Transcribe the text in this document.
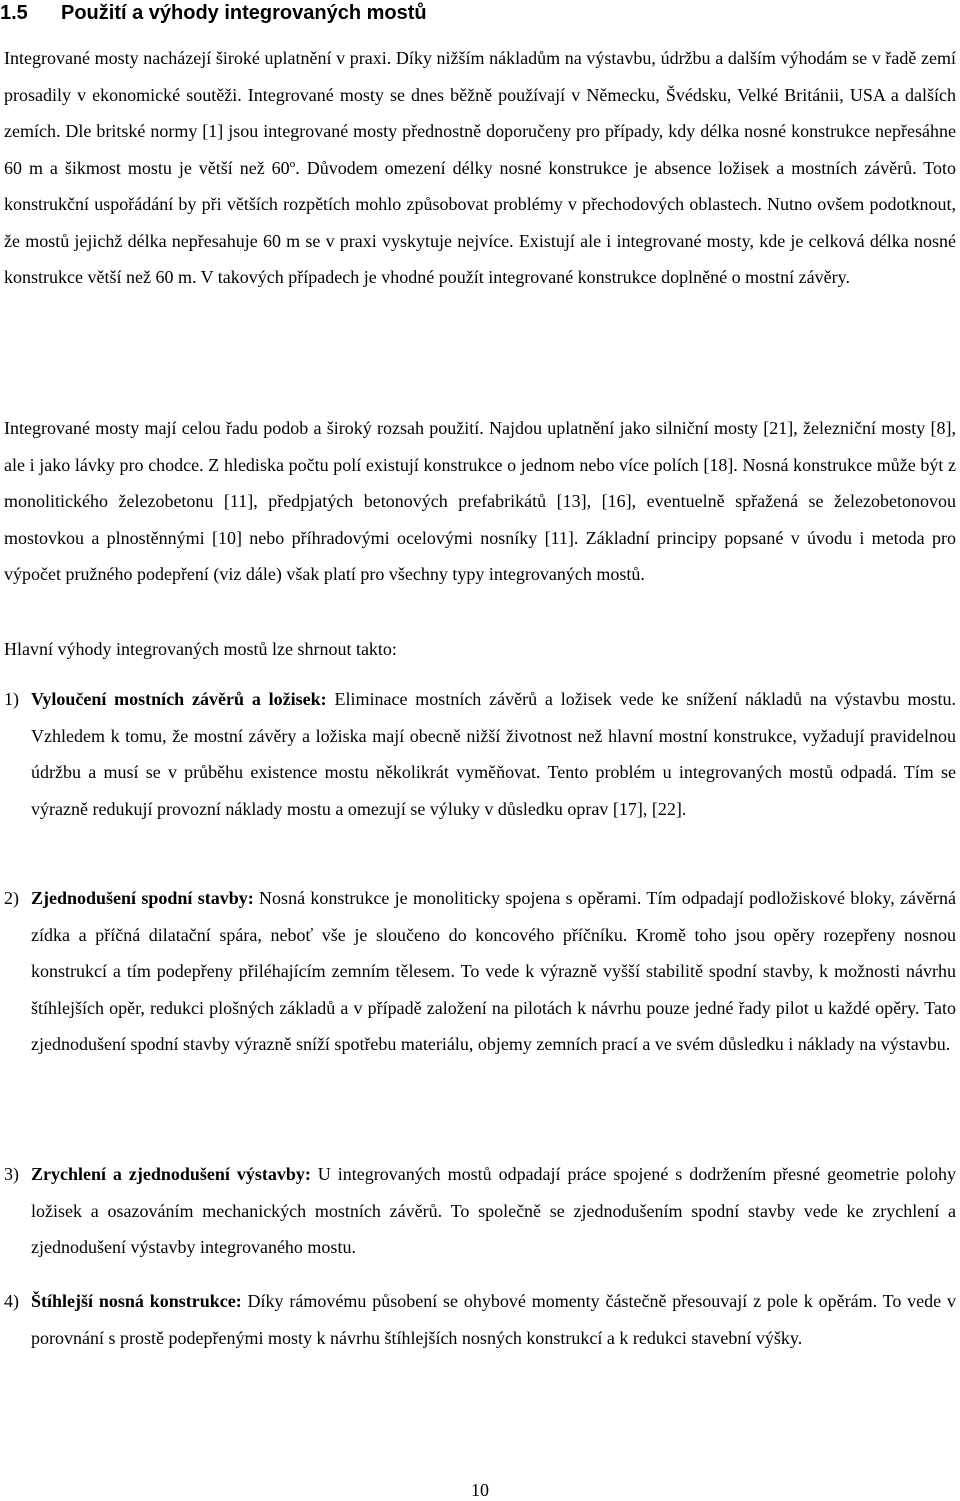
1.5 Použití a výhody integrovaných mostů

Integrované mosty nacházejí široké uplatnění v praxi. Díky nižším nákladům na výstavbu, údržbu a dalším výhodám se v řadě zemí prosadily v ekonomické soutěži. Integrované mosty se dnes běžně používají v Německu, Švédsku, Velké Británii, USA a dalších zemích. Dle britské normy [1] jsou integrované mosty přednostně doporučeny pro případy, kdy délka nosné konstrukce nepřesáhne 60 m a šikmost mostu je větší než 60º. Důvodem omezení délky nosné konstrukce je absence ložisek a mostních závěrů. Toto konstrukční uspořádání by při větších rozpětích mohlo způsobovat problémy v přechodových oblastech. Nutno ovšem podotknout, že mostů jejichž délka nepřesahuje 60 m se v praxi vyskytuje nejvíce. Existují ale i integrované mosty, kde je celková délka nosné konstrukce větší než 60 m. V takových případech je vhodné použít integrované konstrukce doplněné o mostní závěry.

Integrované mosty mají celou řadu podob a široký rozsah použití. Najdou uplatnění jako silniční mosty [21], železniční mosty [8], ale i jako lávky pro chodce. Z hlediska počtu polí existují konstrukce o jednom nebo více polích [18]. Nosná konstrukce může být z monolitického železobetonu [11], předpjatých betonových prefabrikátů [13], [16], eventuelně spřažená se železobetonovou mostovkou a plnostěnnými [10] nebo příhradovými ocelovými nosníky [11]. Základní principy popsané v úvodu i metoda pro výpočet pružného podepření (viz dále) však platí pro všechny typy integrovaných mostů.

Hlavní výhody integrovaných mostů lze shrnout takto:

1) Vyloučení mostních závěrů a ložisek: Eliminace mostních závěrů a ložisek vede ke snížení nákladů na výstavbu mostu. Vzhledem k tomu, že mostní závěry a ložiska mají obecně nižší životnost než hlavní mostní konstrukce, vyžadují pravidelnou údržbu a musí se v průběhu existence mostu několikrát vyměňovat. Tento problém u integrovaných mostů odpadá. Tím se výrazně redukují provozní náklady mostu a omezují se výluky v důsledku oprav [17], [22].

2) Zjednodušení spodní stavby: Nosná konstrukce je monoliticky spojena s opěrami. Tím odpadají podložiskové bloky, závěrná zídka a příčná dilatační spára, neboť vše je sloučeno do koncového příčníku. Kromě toho jsou opěry rozepřeny nosnou konstrukcí a tím podepřeny přiléhajícím zemním tělesem. To vede k výrazně vyšší stabilitě spodní stavby, k možnosti návrhu štíhlejších opěr, redukci plošných základů a v případě založení na pilotách k návrhu pouze jedné řady pilot u každé opěry. Tato zjednodušení spodní stavby výrazně sníží spotřebu materiálu, objemy zemních prací a ve svém důsledku i náklady na výstavbu.

3) Zrychlení a zjednodušení výstavby: U integrovaných mostů odpadají práce spojené s dodržením přesné geometrie polohy ložisek a osazováním mechanických mostních závěrů. To společně se zjednodušením spodní stavby vede ke zrychlení a zjednodušení výstavby integrovaného mostu.

4) Štíhlejší nosná konstrukce: Díky rámovému působení se ohybové momenty částečně přesouvají z pole k opěrám. To vede v porovnání s prostě podepřenými mosty k návrhu štíhlejších nosných konstrukcí a k redukci stavební výšky.

10
